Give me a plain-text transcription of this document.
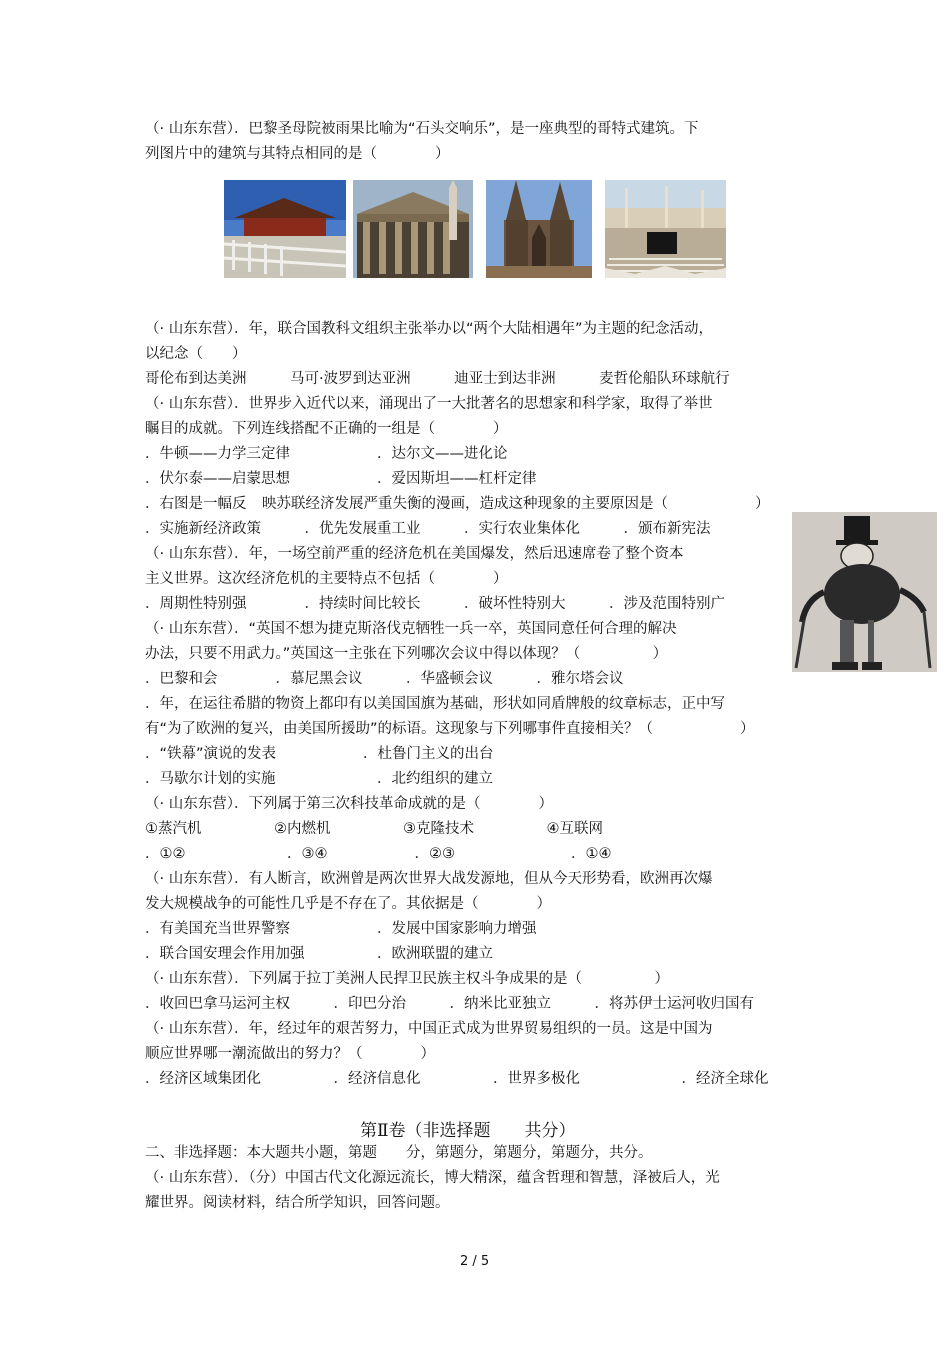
（· 山东东营）．巴黎圣母院被雨果比喻为“石头交响乐”，是一座典型的哥特式建筑。下
列图片中的建筑与其特点相同的是（　　　　）
（· 山东东营）．年，联合国教科文组织主张举办以“两个大陆相遇年”为主题的纪念活动，
以纪念（　　）
哥伦布到达美洲　　　马可·波罗到达亚洲　　　迪亚士到达非洲　　　麦哲伦船队环球航行
（· 山东东营）．世界步入近代以来，涌现出了一大批著名的思想家和科学家，取得了举世
瞩目的成就。下列连线搭配不正确的一组是（　　　　）
．牛顿——力学三定律　　　　　　．达尔文——进化论
．伏尔泰——启蒙思想　　　　　　．爱因斯坦——杠杆定律
．右图是一幅反 映苏联经济发展严重失衡的漫画，造成这种现象的主要原因是（　　　　　　）
．实施新经济政策　　　．优先发展重工业　　　．实行农业集体化　　　．颁布新宪法
（· 山东东营）．年，一场空前严重的经济危机在美国爆发，然后迅速席卷了整个资本
主义世界。这次经济危机的主要特点不包括（　　　　）
．周期性特别强　　　　．持续时间比较长　　　．破坏性特别大　　　．涉及范围特别广
（· 山东东营）．“英国不想为捷克斯洛伐克牺牲一兵一卒，英国同意任何合理的解决
办法，只要不用武力。”英国这一主张在下列哪次会议中得以体现？（　　　　　）
．巴黎和会　　　　．慕尼黑会议　　　．华盛顿会议　　　．雅尔塔会议
．年，在运往希腊的物资上都印有以美国国旗为基础，形状如同盾牌般的纹章标志，正中写
有“为了欧洲的复兴，由美国所援助”的标语。这现象与下列哪事件直接相关？（　　　　　　）
．“铁幕”演说的发表　　　　　　．杜鲁门主义的出台
．马歇尔计划的实施　　　　　　　．北约组织的建立
（· 山东东营）．下列属于第三次科技革命成就的是（　　　　）
①蒸汽机　　　　　②内燃机　　　　　③克隆技术　　　　　④互联网
．①②　　　　　　　．③④　　　　　　．②③　　　　　　　　．①④
（· 山东东营）．有人断言，欧洲曾是两次世界大战发源地，但从今天形势看，欧洲再次爆
发大规模战争的可能性几乎是不存在了。其依据是（　　　　）
．有美国充当世界警察　　　　　　．发展中国家影响力增强
．联合国安理会作用加强　　　　　．欧洲联盟的建立
（· 山东东营）．下列属于拉丁美洲人民捍卫民族主权斗争成果的是（　　　　　）
．收回巴拿马运河主权　　　．印巴分治　　　．纳米比亚独立　　　．将苏伊士运河收归国有
（· 山东东营）．年，经过年的艰苦努力，中国正式成为世界贸易组织的一员。这是中国为
顺应世界哪一潮流做出的努力？（　　　　）
．经济区域集团化　　　　　．经济信息化　　　　　．世界多极化　　　　　　　．经济全球化
第Ⅱ卷（非选择题　　共分）
二、非选择题：本大题共小题，第题　　分，第题分，第题分，第题分，共分。
（· 山东东营）．（分）中国古代文化源远流长，博大精深，蕴含哲理和智慧，泽被后人，光
耀世界。阅读材料，结合所学知识，回答问题。
2 / 5
